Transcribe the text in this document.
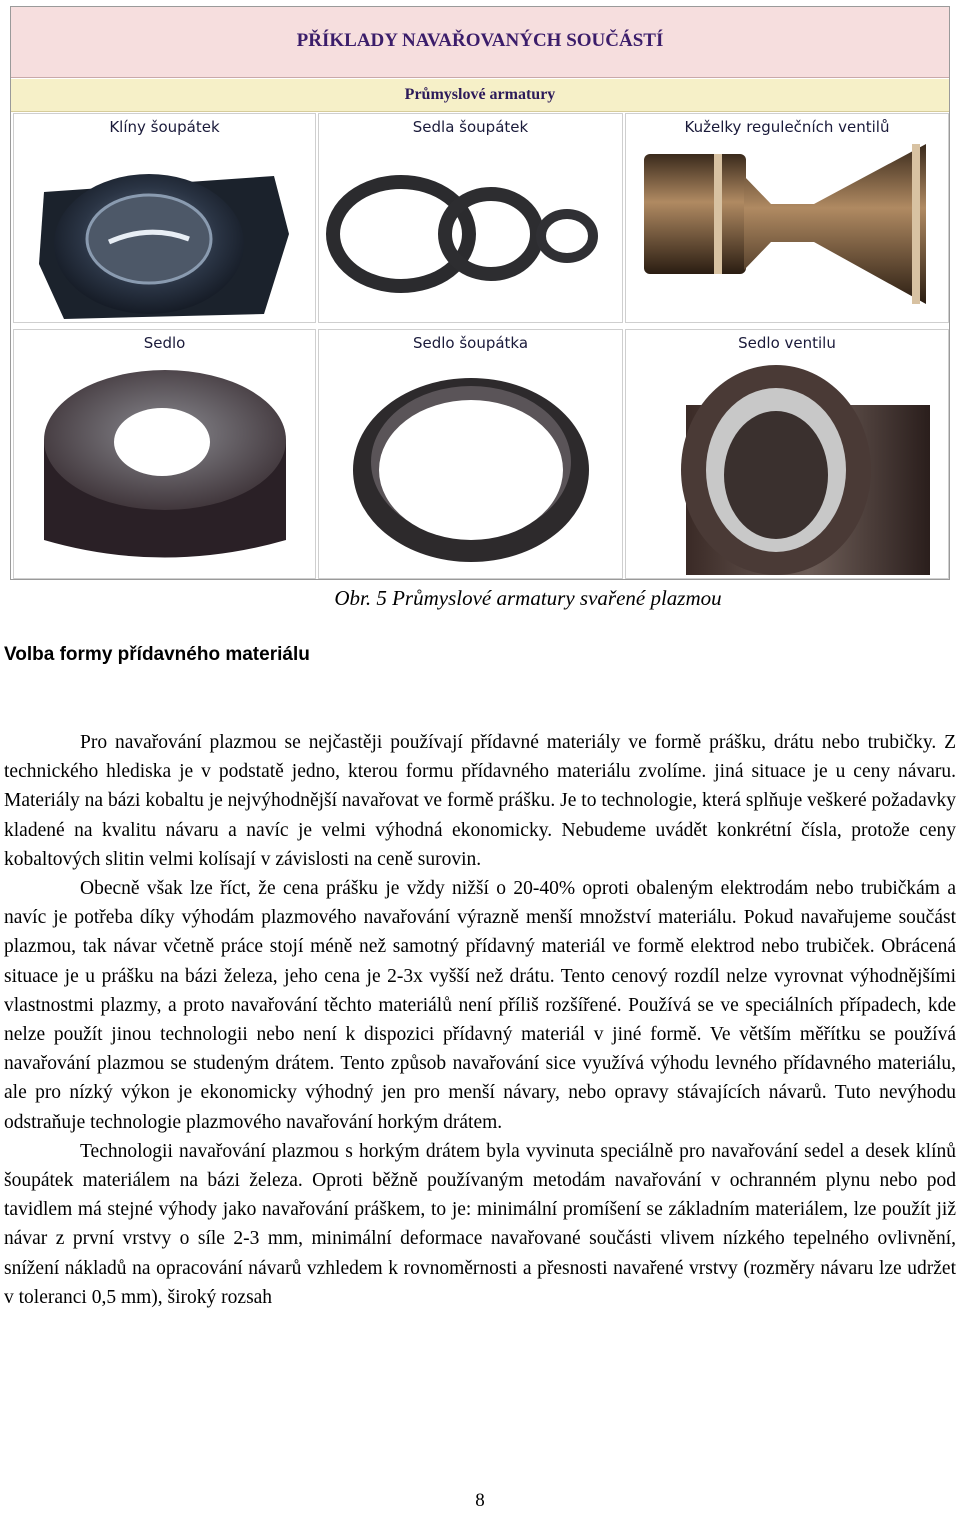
PŘÍKLADY NAVAŘOVANÝCH SOUČÁSTÍ
Průmyslové armatury
Klíny šoupátek	Sedla šoupátek	Kuželky regulečních ventilů
Sedlo	Sedlo šoupátka	Sedlo ventilu
Obr. 5 Průmyslové armatury svařené plazmou
Volba formy přídavného materiálu

Pro navařování plazmou se nejčastěji používají přídavné materiály ve formě prášku, drátu nebo trubičky. Z technického hlediska je v podstatě jedno, kterou formu přídavného materiálu zvolíme. jiná situace je u ceny návaru. Materiály na bázi kobaltu je nejvýhodnější navařovat ve formě prášku. Je to technologie, která splňuje veškeré požadavky kladené na kvalitu návaru a navíc je velmi výhodná ekonomicky. Nebudeme uvádět konkrétní čísla, protože ceny kobaltových slitin velmi kolísají v závislosti na ceně surovin.

Obecně však lze říct, že cena prášku je vždy nižší o 20-40% oproti obaleným elektrodám nebo trubičkám a navíc je potřeba díky výhodám plazmového navařování výrazně menší množství materiálu. Pokud navařujeme součást plazmou, tak návar včetně práce stojí méně než samotný přídavný materiál ve formě elektrod nebo trubiček. Obrácená situace je u prášku na bázi železa, jeho cena je 2-3x vyšší než drátu. Tento cenový rozdíl nelze vyrovnat výhodnějšími vlastnostmi plazmy, a proto navařování těchto materiálů není příliš rozšířené. Používá se ve speciálních případech, kde nelze použít jinou technologii nebo není k dispozici přídavný materiál v jiné formě. Ve větším měřítku se používá navařování plazmou se studeným drátem. Tento způsob navařování sice využívá výhodu levného přídavného materiálu, ale pro nízký výkon je ekonomicky výhodný jen pro menší návary, nebo opravy stávajících návarů. Tuto nevýhodu odstraňuje technologie plazmového navařování horkým drátem.

Technologii navařování plazmou s horkým drátem byla vyvinuta speciálně pro navařování sedel a desek klínů šoupátek materiálem na bázi železa. Oproti běžně používaným metodám navařování v ochranném plynu nebo pod tavidlem má stejné výhody jako navařování práškem, to je: minimální promíšení se základním materiálem, lze použít již návar z první vrstvy o síle 2-3 mm, minimální deformace navařované součásti vlivem nízkého tepelného ovlivnění, snížení nákladů na opracování návarů vzhledem k rovnoměrnosti a přesnosti navařené vrstvy (rozměry návaru lze udržet v toleranci 0,5 mm), široký rozsah

8
